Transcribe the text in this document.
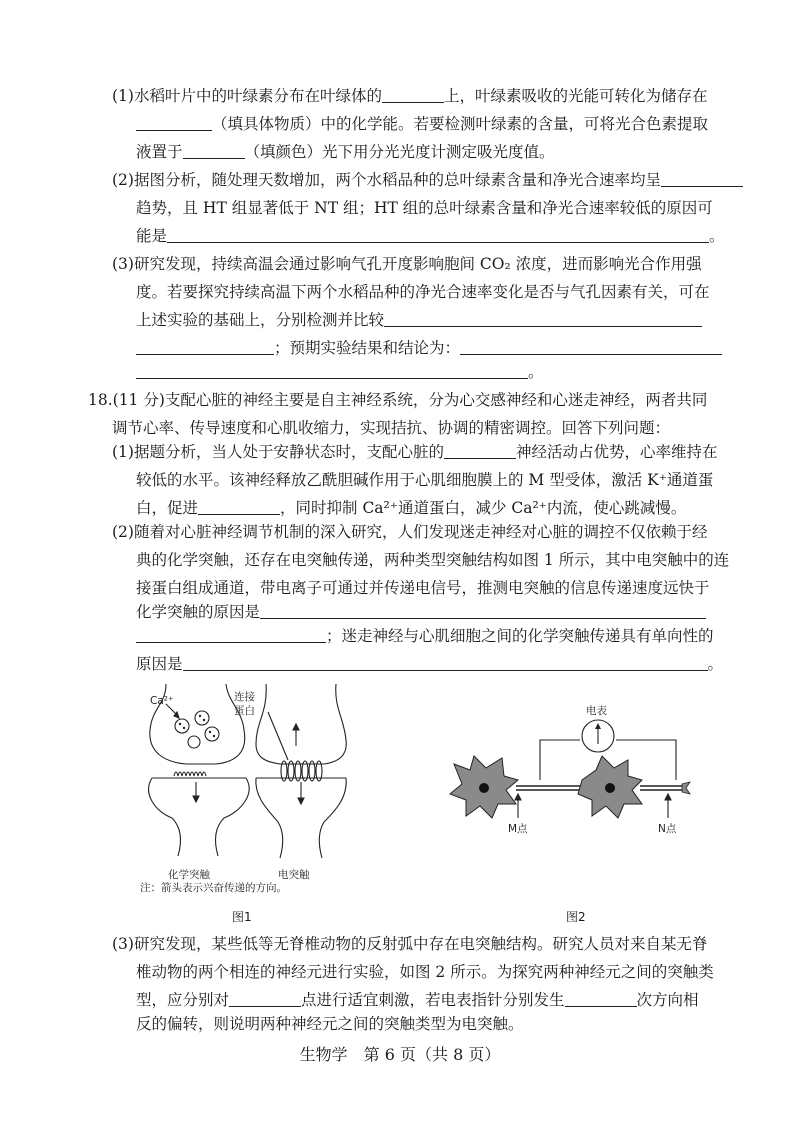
(1)水稻叶片中的叶绿素分布在叶绿体的	上，叶绿素吸收的光能可转化为储存在
（填具体物质）中的化学能。若要检测叶绿素的含量，可将光合色素提取
液置于	（填颜色）光下用分光光度计测定吸光度值。
(2)据图分析，随处理天数增加，两个水稻品种的总叶绿素含量和净光合速率均呈
趋势，且 HT 组显著低于 NT 组；HT 组的总叶绿素含量和净光合速率较低的原因可
能是	。
(3)研究发现，持续高温会通过影响气孔开度影响胞间 CO₂ 浓度，进而影响光合作用强
度。若要探究持续高温下两个水稻品种的净光合速率变化是否与气孔因素有关，可在
上述实验的基础上，分别检测并比较
；预期实验结果和结论为：
。
18.(11 分)支配心脏的神经主要是自主神经系统，分为心交感神经和心迷走神经，两者共同
调节心率、传导速度和心肌收缩力，实现拮抗、协调的精密调控。回答下列问题：
(1)据题分析，当人处于安静状态时，支配心脏的	神经活动占优势，心率维持在
较低的水平。该神经释放乙酰胆碱作用于心肌细胞膜上的 M 型受体，激活 K⁺通道蛋
白，促进	，同时抑制 Ca²⁺通道蛋白，减少 Ca²⁺内流，使心跳减慢。
(2)随着对心脏神经调节机制的深入研究，人们发现迷走神经对心脏的调控不仅依赖于经
典的化学突触，还存在电突触传递，两种类型突触结构如图 1 所示，其中电突触中的连
接蛋白组成通道，带电离子可通过并传递电信号，推测电突触的信息传递速度远快于
化学突触的原因是
；迷走神经与心肌细胞之间的化学突触传递具有单向性的
原因是	。
Ca²⁺	连接
蛋白
化学突触	电突触
电表
M点	N点
注：箭头表示兴奋传递的方向。
图1	图2
(3)研究发现，某些低等无脊椎动物的反射弧中存在电突触结构。研究人员对来自某无脊
椎动物的两个相连的神经元进行实验，如图 2 所示。为探究两种神经元之间的突触类
型，应分别对	点进行适宜刺激，若电表指针分别发生	次方向相
反的偏转，则说明两种神经元之间的突触类型为电突触。
生物学　第 6 页（共 8 页）
